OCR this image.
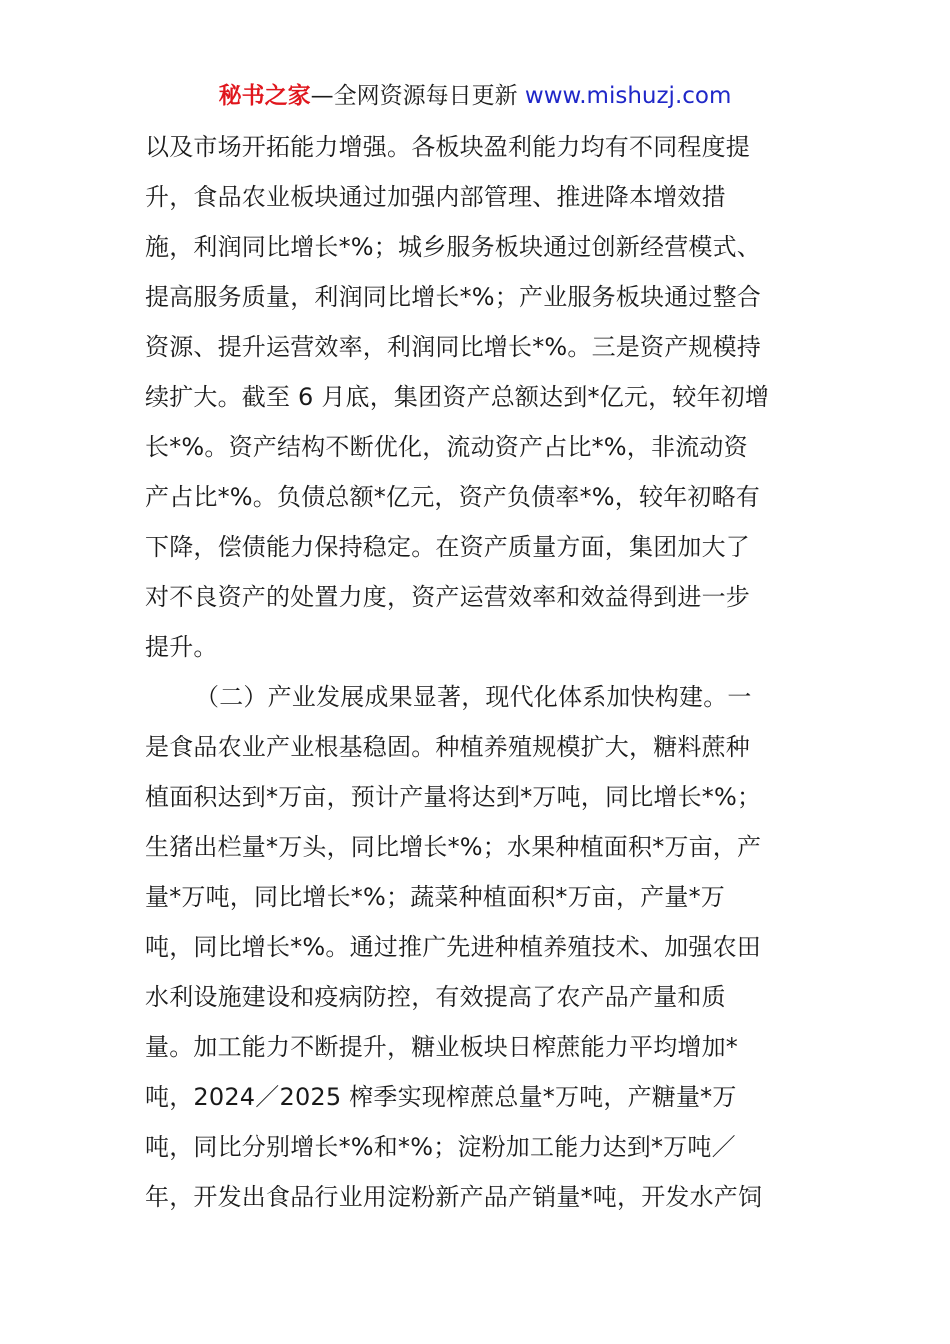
秘书之家—全网资源每日更新 www.mishuzj.com
以及市场开拓能力增强。各板块盈利能力均有不同程度提
升，食品农业板块通过加强内部管理、推进降本增效措
施，利润同比增长*%；城乡服务板块通过创新经营模式、
提高服务质量，利润同比增长*%；产业服务板块通过整合
资源、提升运营效率，利润同比增长*%。三是资产规模持
续扩大。截至 6 月底，集团资产总额达到*亿元，较年初增
长*%。资产结构不断优化，流动资产占比*%，非流动资
产占比*%。负债总额*亿元，资产负债率*%，较年初略有
下降，偿债能力保持稳定。在资产质量方面，集团加大了
对不良资产的处置力度，资产运营效率和效益得到进一步
提升。
（二）产业发展成果显著，现代化体系加快构建。一
是食品农业产业根基稳固。种植养殖规模扩大，糖料蔗种
植面积达到*万亩，预计产量将达到*万吨，同比增长*%；
生猪出栏量*万头，同比增长*%；水果种植面积*万亩，产
量*万吨，同比增长*%；蔬菜种植面积*万亩，产量*万
吨，同比增长*%。通过推广先进种植养殖技术、加强农田
水利设施建设和疫病防控，有效提高了农产品产量和质
量。加工能力不断提升，糖业板块日榨蔗能力平均增加*
吨，2024／2025 榨季实现榨蔗总量*万吨，产糖量*万
吨，同比分别增长*%和*%；淀粉加工能力达到*万吨／
年，开发出食品行业用淀粉新产品产销量*吨，开发水产饲
